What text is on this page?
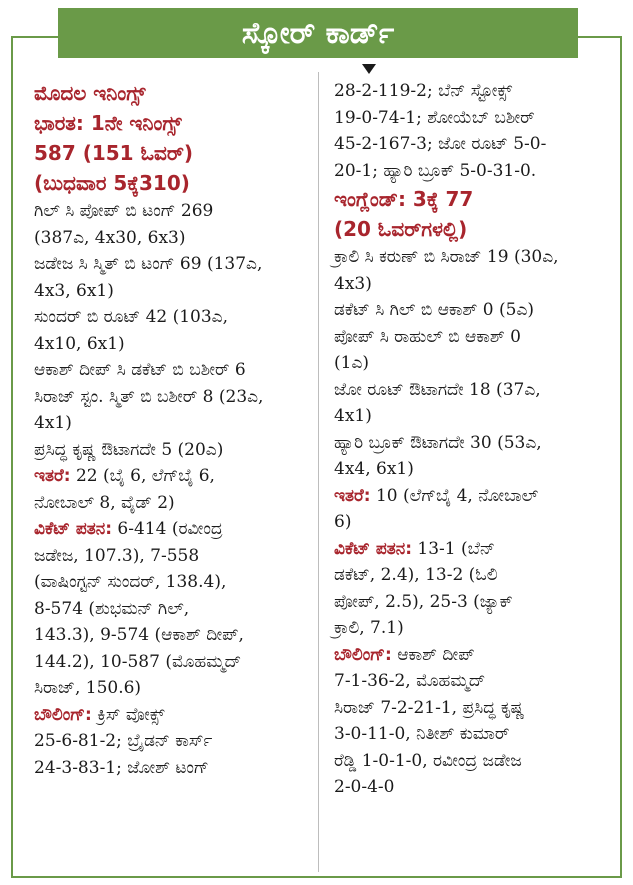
ಸ್ಕೋರ್ ಕಾರ್ಡ್
ಮೊದಲ ಇನಿಂಗ್ಸ್
ಭಾರತ: 1ನೇ ಇನಿಂಗ್ಸ್
587 (151 ಓವರ್)
(ಬುಧವಾರ 5ಕ್ಕೆ310)
ಗಿಲ್ ಸಿ ಪೋಪ್ ಬಿ ಟಂಗ್ 269
(387ಎ, 4x30, 6x3)
ಜಡೇಜ ಸಿ ಸ್ಮಿತ್ ಬಿ ಟಂಗ್ 69 (137ಎ,
4x3, 6x1)
ಸುಂದರ್ ಬಿ ರೂಟ್ 42 (103ಎ,
4x10, 6x1)
ಆಕಾಶ್ ದೀಪ್ ಸಿ ಡಕೆಟ್ ಬಿ ಬಶೀರ್ 6
ಸಿರಾಜ್ ಸ್ಟಂ. ಸ್ಮಿತ್ ಬಿ ಬಶೀರ್ 8 (23ಎ,
4x1)
ಪ್ರಸಿದ್ಧ ಕೃಷ್ಣ ಔಟಾಗದೇ 5 (20ಎ)
ಇತರೆ: 22 (ಬೈ 6, ಲೆಗ್‌ಬೈ 6,
ನೋಬಾಲ್ 8, ವೈಡ್ 2)
ವಿಕೆಟ್ ಪತನ: 6-414 (ರವೀಂದ್ರ
ಜಡೇಜ, 107.3), 7-558
(ವಾಷಿಂಗ್ಟನ್ ಸುಂದರ್, 138.4),
8-574 (ಶುಭಮನ್ ಗಿಲ್,
143.3), 9-574 (ಆಕಾಶ್ ದೀಪ್,
144.2), 10-587 (ಮೊಹಮ್ಮದ್
ಸಿರಾಜ್, 150.6)
ಬೌಲಿಂಗ್: ಕ್ರಿಸ್ ವೋಕ್ಸ್
25-6-81-2; ಬ್ರೈಡನ್ ಕಾರ್ಸ್
24-3-83-1; ಜೋಶ್ ಟಂಗ್
28-2-119-2; ಬೆನ್ ಸ್ಟೋಕ್ಸ್
19-0-74-1; ಶೋಯೆಬ್ ಬಶೀರ್
45-2-167-3; ಜೋ ರೂಟ್ 5-0-
20-1; ಹ್ಯಾರಿ ಬ್ರೂಕ್ 5-0-31-0.
ಇಂಗ್ಲೆಂಡ್: 3ಕ್ಕೆ 77
(20 ಓವರ್‌ಗಳಲ್ಲಿ)
ಕ್ರಾಲಿ ಸಿ ಕರುಣ್ ಬಿ ಸಿರಾಜ್ 19 (30ಎ,
4x3)
ಡಕೆಟ್ ಸಿ ಗಿಲ್ ಬಿ ಆಕಾಶ್ 0 (5ಎ)
ಪೋಪ್ ಸಿ ರಾಹುಲ್ ಬಿ ಆಕಾಶ್ 0
(1ಎ)
ಜೋ ರೂಟ್ ಔಟಾಗದೇ 18 (37ಎ,
4x1)
ಹ್ಯಾರಿ ಬ್ರೂಕ್ ಔಟಾಗದೇ 30 (53ಎ,
4x4, 6x1)
ಇತರೆ: 10 (ಲೆಗ್‌ಬೈ 4, ನೋಬಾಲ್
6)
ವಿಕೆಟ್ ಪತನ: 13-1 (ಬೆನ್
ಡಕೆಟ್, 2.4), 13-2 (ಓಲಿ
ಪೋಪ್, 2.5), 25-3 (ಜ್ಯಾಕ್
ಕ್ರಾಲಿ, 7.1)
ಬೌಲಿಂಗ್: ಆಕಾಶ್ ದೀಪ್
7-1-36-2, ಮೊಹಮ್ಮದ್
ಸಿರಾಜ್ 7-2-21-1, ಪ್ರಸಿದ್ಧ ಕೃಷ್ಣ
3-0-11-0, ನಿತೀಶ್ ಕುಮಾರ್
ರೆಡ್ಡಿ 1-0-1-0, ರವೀಂದ್ರ ಜಡೇಜ
2-0-4-0
